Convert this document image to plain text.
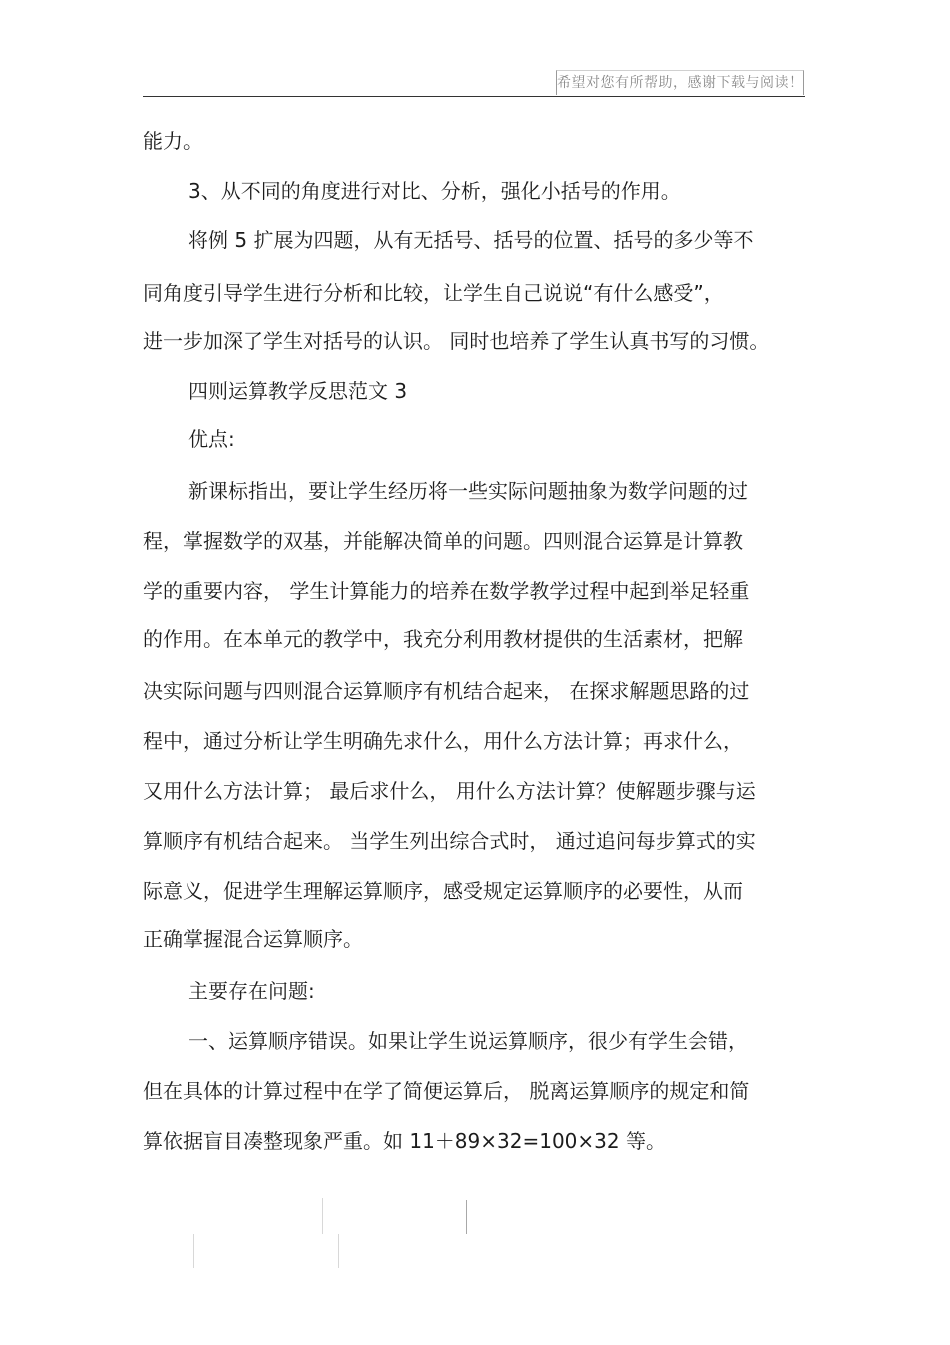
希望对您有所帮助，感谢下载与阅读！
能力。
3、从不同的角度进行对比、分析，强化小括号的作用。
将例 5 扩展为四题，从有无括号、括号的位置、括号的多少等不
同角度引导学生进行分析和比较，让学生自己说说“有什么感受”，
进一步加深了学生对括号的认识。 同时也培养了学生认真书写的习惯。
四则运算教学反思范文 3
优点:
新课标指出，要让学生经历将一些实际问题抽象为数学问题的过
程，掌握数学的双基，并能解决简单的问题。四则混合运算是计算教
学的重要内容， 学生计算能力的培养在数学教学过程中起到举足轻重
的作用。在本单元的教学中，我充分利用教材提供的生活素材，把解
决实际问题与四则混合运算顺序有机结合起来， 在探求解题思路的过
程中，通过分析让学生明确先求什么，用什么方法计算；再求什么，
又用什么方法计算； 最后求什么， 用什么方法计算？使解题步骤与运
算顺序有机结合起来。 当学生列出综合式时， 通过追问每步算式的实
际意义，促进学生理解运算顺序，感受规定运算顺序的必要性，从而
正确掌握混合运算顺序。
主要存在问题:
一、运算顺序错误。如果让学生说运算顺序，很少有学生会错，
但在具体的计算过程中在学了简便运算后， 脱离运算顺序的规定和简
算依据盲目凑整现象严重。如 11＋89×32=100×32 等。
